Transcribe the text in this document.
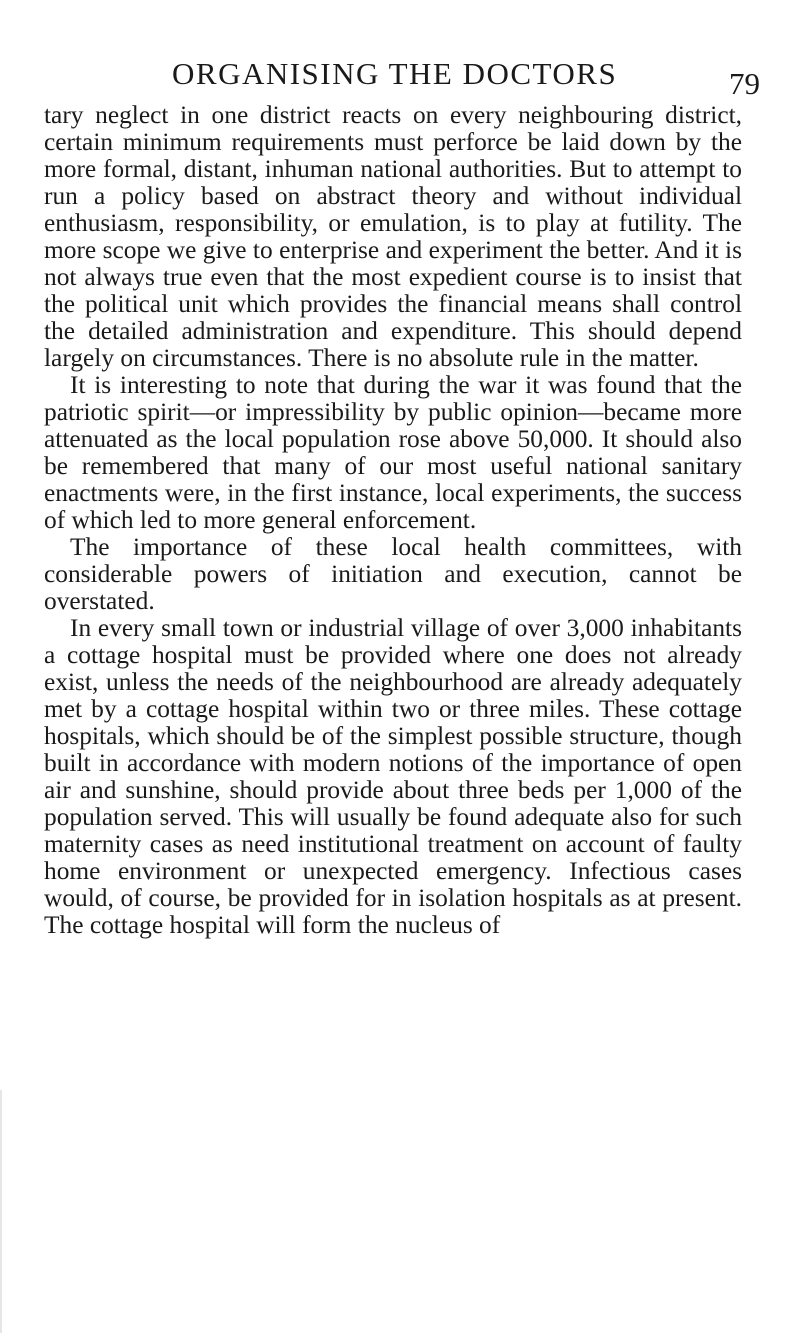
ORGANISING THE DOCTORS	79

tary neglect in one district reacts on every neighbouring district, certain minimum requirements must perforce be laid down by the more formal, distant, inhuman national authorities. But to attempt to run a policy based on abstract theory and without individual enthusiasm, responsibility, or emulation, is to play at futility. The more scope we give to enterprise and experiment the better. And it is not always true even that the most expedient course is to insist that the political unit which provides the financial means shall control the detailed administration and expenditure. This should depend largely on circumstances. There is no absolute rule in the matter.

It is interesting to note that during the war it was found that the patriotic spirit—or impressibility by public opinion—became more attenuated as the local population rose above 50,000. It should also be remembered that many of our most useful national sanitary enactments were, in the first instance, local experiments, the success of which led to more general enforcement.

The importance of these local health committees, with considerable powers of initiation and execution, cannot be overstated.

In every small town or industrial village of over 3,000 inhabitants a cottage hospital must be provided where one does not already exist, unless the needs of the neighbourhood are already adequately met by a cottage hospital within two or three miles. These cottage hospitals, which should be of the simplest possible structure, though built in accordance with modern notions of the importance of open air and sunshine, should provide about three beds per 1,000 of the population served. This will usually be found adequate also for such maternity cases as need institutional treatment on account of faulty home environment or unexpected emergency. Infectious cases would, of course, be provided for in isolation hospitals as at present. The cottage hospital will form the nucleus of
